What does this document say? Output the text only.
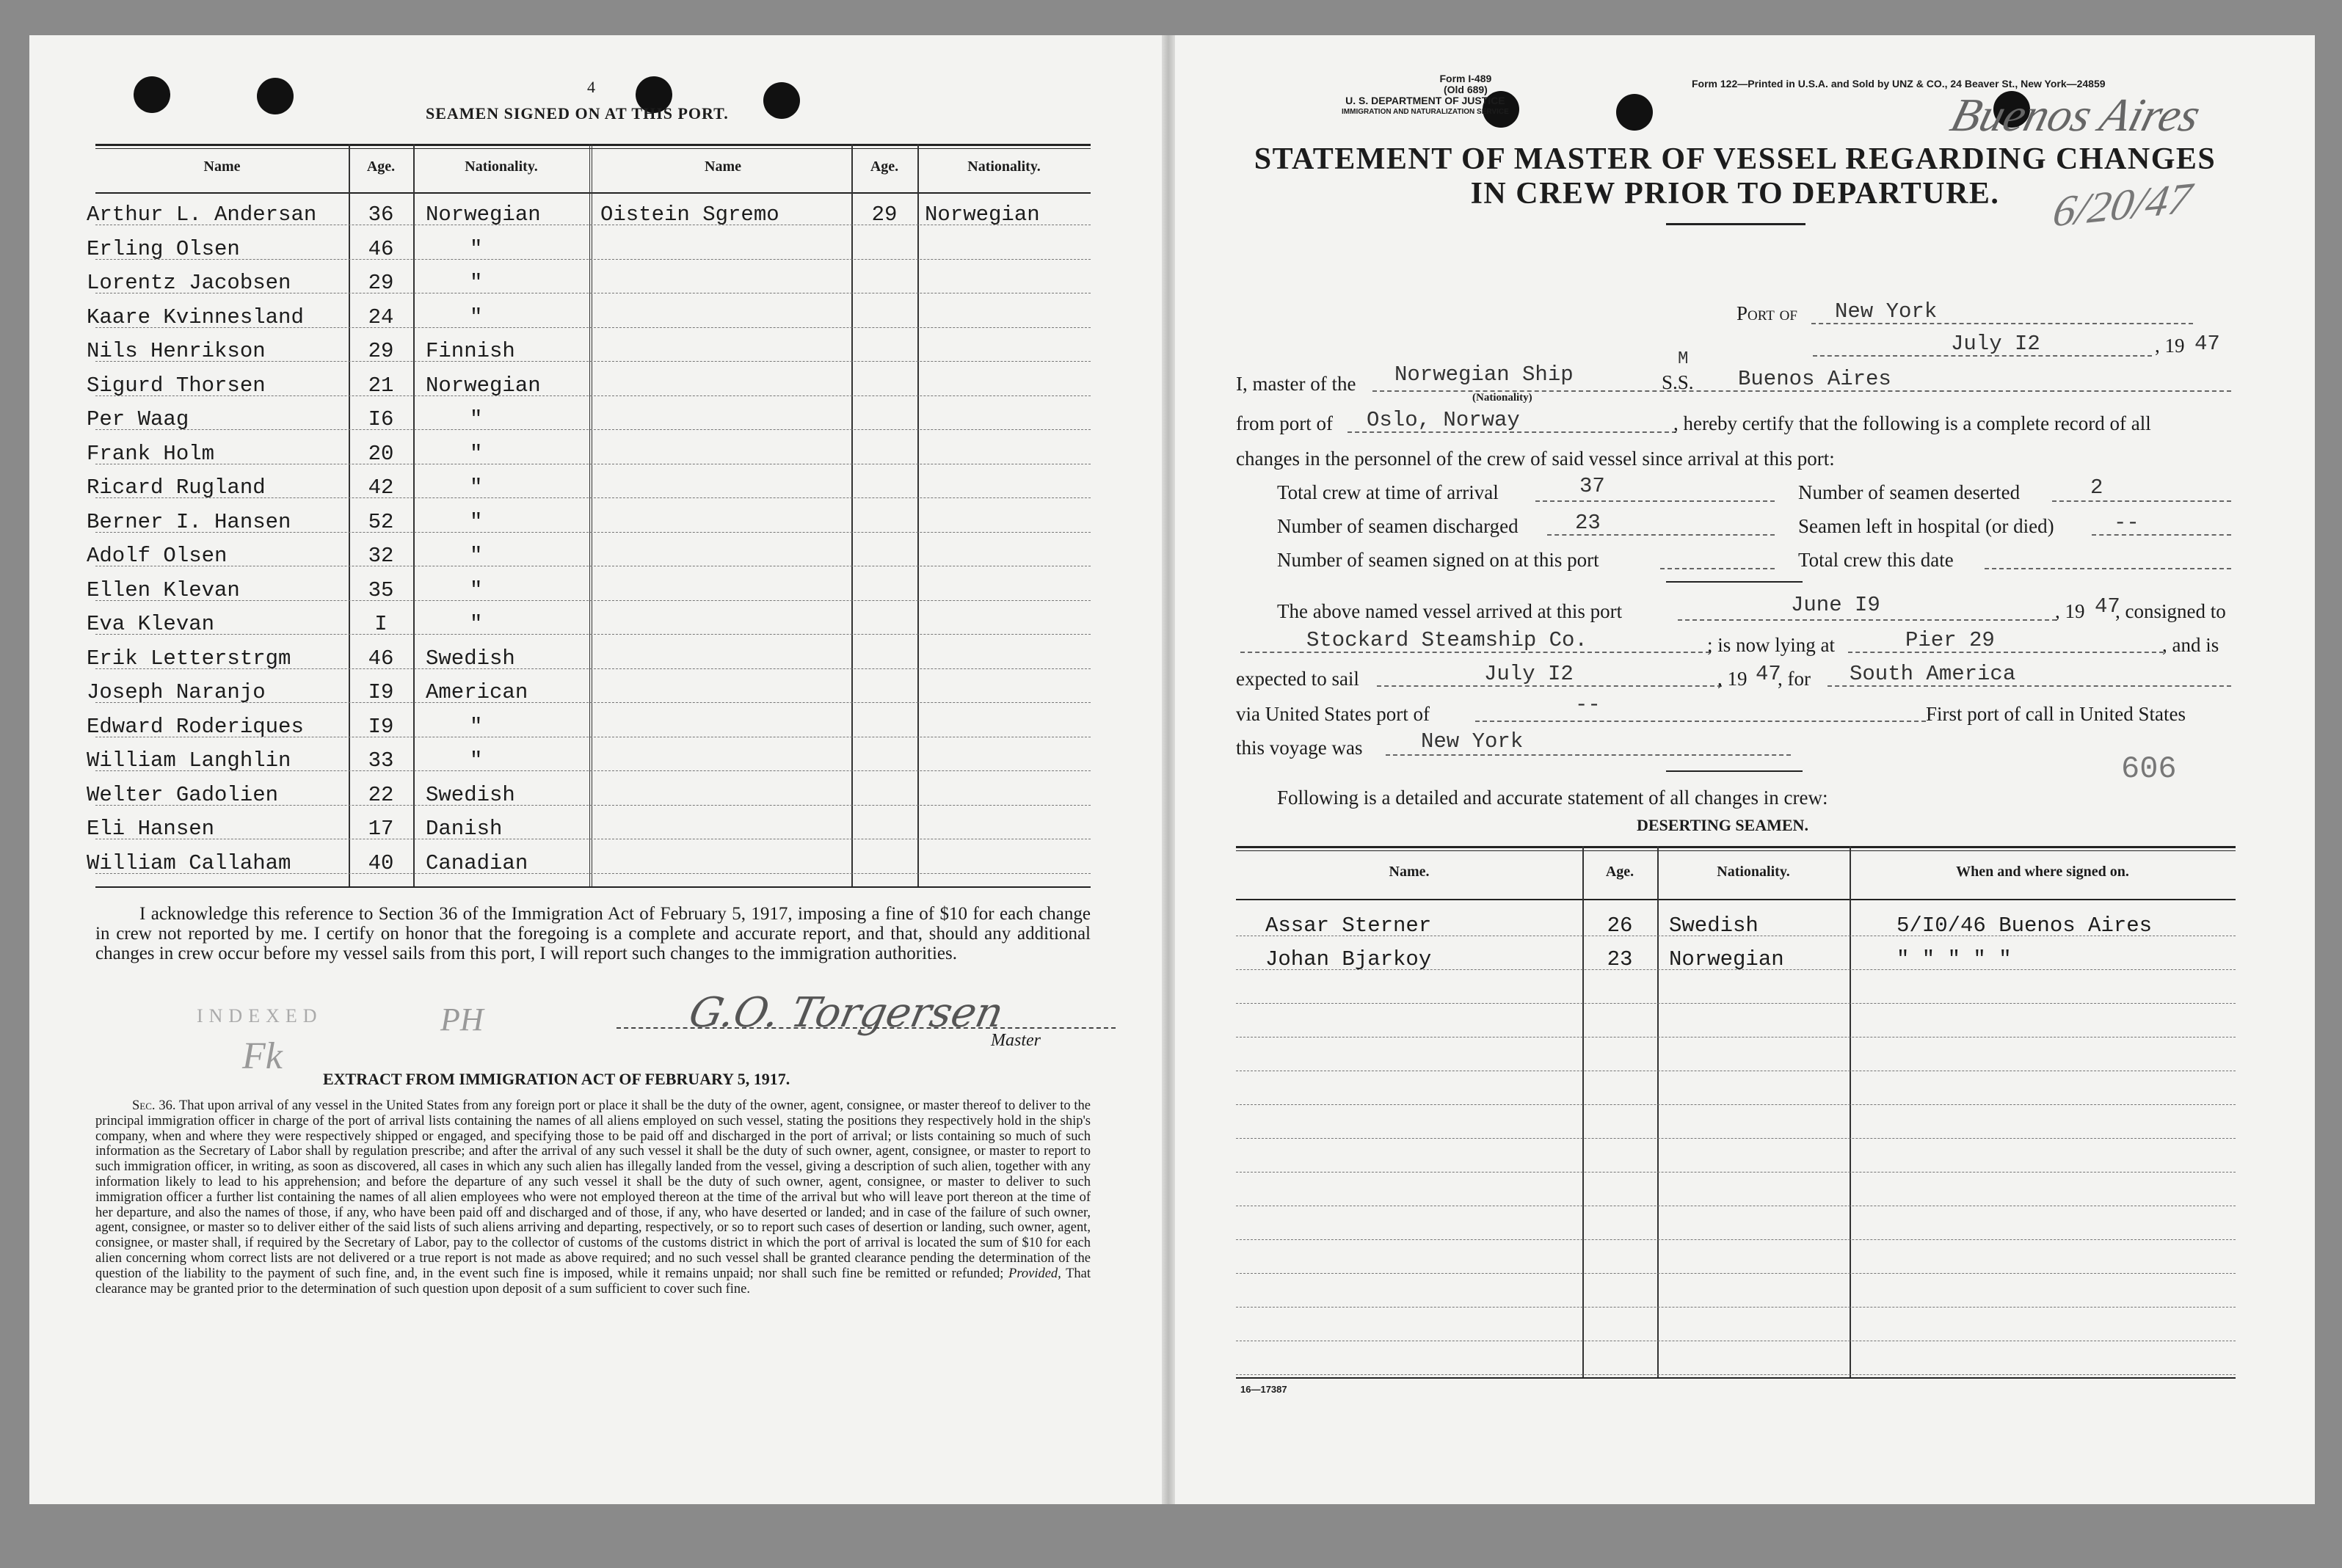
4
SEAMEN SIGNED ON AT THIS PORT.
Name	Age.	Nationality.	Name	Age.	Nationality.
Arthur L. Andersan	36	Norwegian	Oistein Sgremo	29	Norwegian
Erling Olsen	46	"
Lorentz Jacobsen	29	"
Kaare Kvinnesland	24	"
Nils Henrikson	29	Finnish
Sigurd Thorsen	21	Norwegian
Per Waag	I6	"
Frank Holm	20	"
Ricard Rugland	42	"
Berner I. Hansen	52	"
Adolf Olsen	32	"
Ellen Klevan	35	"
Eva Klevan	I	"
Erik Letterstrgm	46	Swedish
Joseph Naranjo	I9	American
Edward Roderiques	I9	"
William Langhlin	33	"
Welter Gadolien	22	Swedish
Eli Hansen	17	Danish
William Callaham	40	Canadian

I acknowledge this reference to Section 36 of the Immigration Act of February 5, 1917, imposing a fine of $10 for each change in crew not reported by me. I certify on honor that the foregoing is a complete and accurate report, and that, should any additional changes in crew occur before my vessel sails from this port, I will report such changes to the immigration authorities.

INDEXED	PH
Fk
G.O. Torgersen
Master
EXTRACT FROM IMMIGRATION ACT OF FEBRUARY 5, 1917.

Sec. 36. That upon arrival of any vessel in the United States from any foreign port or place it shall be the duty of the owner, agent, consignee, or master thereof to deliver to the principal immigration officer in charge of the port of arrival lists containing the names of all aliens employed on such vessel, stating the positions they respectively hold in the ship's company, when and where they were respectively shipped or engaged, and specifying those to be paid off and discharged in the port of arrival; or lists containing so much of such information as the Secretary of Labor shall by regulation prescribe; and after the arrival of any such vessel it shall be the duty of such owner, agent, consignee, or master to report to such immigration officer, in writing, as soon as discovered, all cases in which any such alien has illegally landed from the vessel, giving a description of such alien, together with any information likely to lead to his apprehension; and before the departure of any such vessel it shall be the duty of such owner, agent, consignee, or master to deliver to such immigration officer a further list containing the names of all alien employees who were not employed thereon at the time of the arrival but who will leave port thereon at the time of her departure, and also the names of those, if any, who have been paid off and discharged and of those, if any, who have deserted or landed; and in case of the failure of such owner, agent, consignee, or master so to deliver either of the said lists of such aliens arriving and departing, respectively, or so to report such cases of desertion or landing, such owner, agent, consignee, or master shall, if required by the Secretary of Labor, pay to the collector of customs of the customs district in which the port of arrival is located the sum of $10 for each alien concerning whom correct lists are not delivered or a true report is not made as above required; and no such vessel shall be granted clearance pending the determination of the question of the liability to the payment of such fine, and, in the event such fine is imposed, while it remains unpaid; nor shall such fine be remitted or refunded; Provided, That clearance may be granted prior to the determination of such question upon deposit of a sum sufficient to cover such fine.

Form I-489
(Old 689)
U. S. DEPARTMENT OF JUSTICE
IMMIGRATION AND NATURALIZATION SERVICE
Form 122—Printed in U.S.A. and Sold by UNZ & CO., 24 Beaver St., New York—24859
Buenos Aires
6/20/47
STATEMENT OF MASTER OF VESSEL REGARDING CHANGES
IN CREW PRIOR TO DEPARTURE.
Port of New York
July I2	, 19 47
I, master of the Norwegian Ship
(Nationality)
M
S.S. Buenos Aires
from port of Oslo, Norway	, hereby certify that the following is a complete record of all
changes in the personnel of the crew of said vessel since arrival at this port:
Total crew at time of arrival	37	Number of seamen deserted	2
Number of seamen discharged	23	Seamen left in hospital (or died)	--
Number of seamen signed on at this port	Total crew this date
The above named vessel arrived at this port	June I9	, 19 47
, consigned to
Stockard Steamship Co.	; is now lying at	Pier 29	, and is
expected to sail	July I2	, 19 47
, for South America
via United States port of	--	First port of call in United States
this voyage was	New York
606
Following is a detailed and accurate statement of all changes in crew:
DESERTING SEAMEN.
Name.	Age.	Nationality.	When and where signed on.
Assar Sterner	26	Swedish	5/I0/46 Buenos Aires
Johan Bjarkoy	23	Norwegian	" " " " "
16—17387
